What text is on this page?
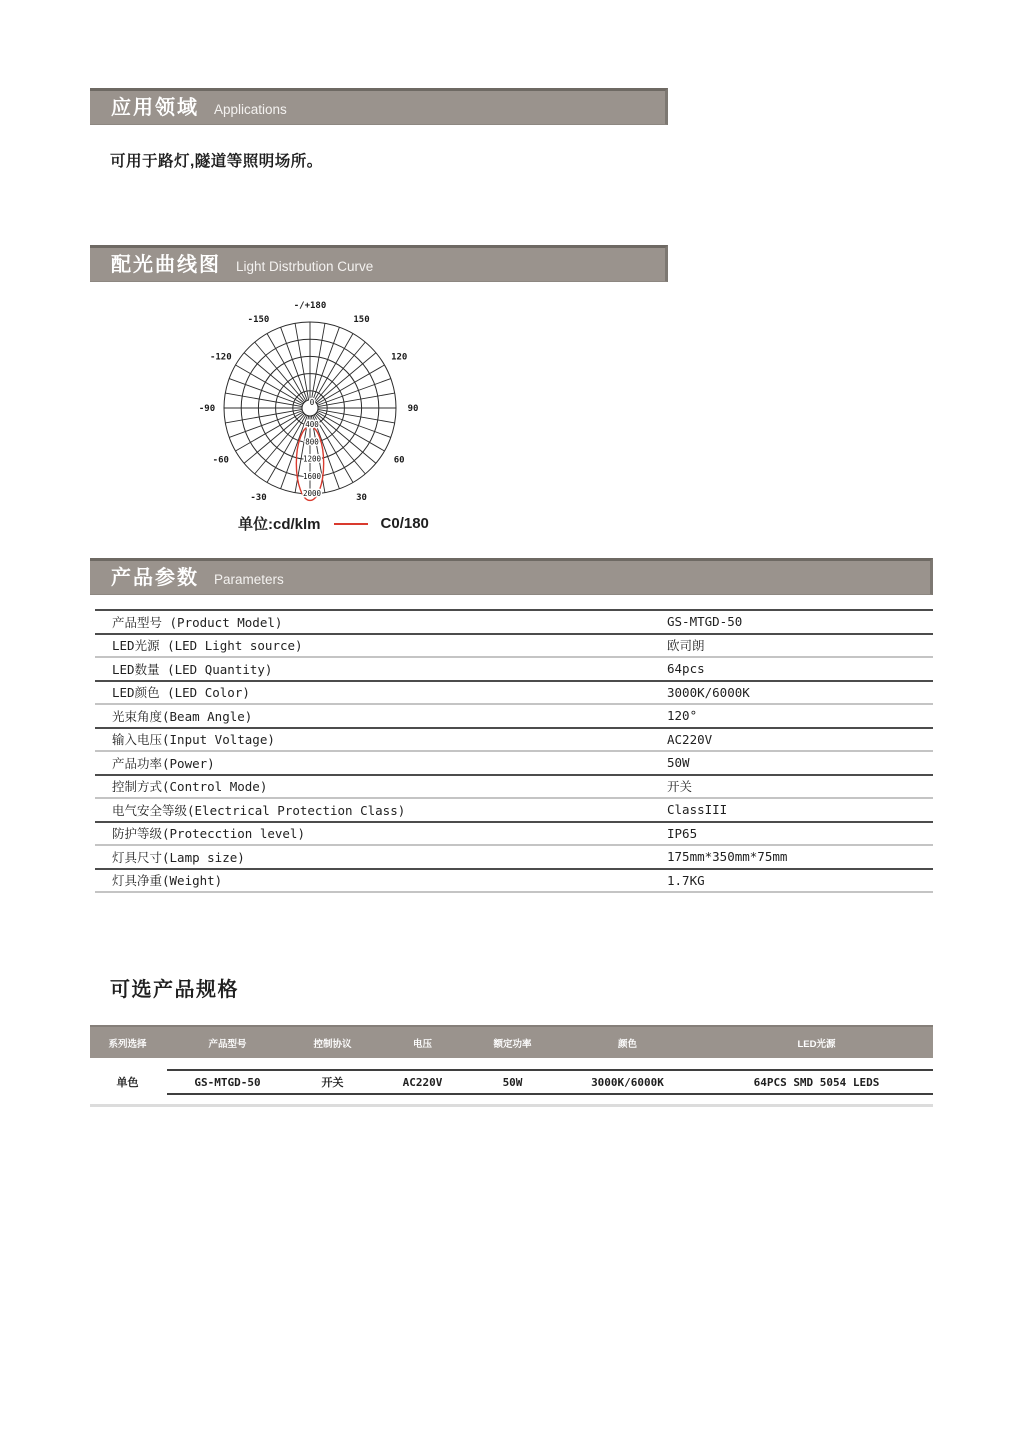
应用领域 Applications
可用于路灯,隧道等照明场所。
配光曲线图 Light Distrbution Curve
-/+180
150
120
90
60
30
-30
-60
-90
-120
-150
0
400
800
1200
1600
2000
单位:cd/klm	C0/180
产品参数 Parameters
产品型号 (Product Model)	GS-MTGD-50
LED光源 (LED Light source)	欧司朗
LED数量 (LED Quantity)	64pcs
LED颜色 (LED Color)	3000K/6000K
光束角度(Beam Angle)	120°
输入电压(Input Voltage)	AC220V
产品功率(Power)	50W
控制方式(Control Mode)	开关
电气安全等级(Electrical Protection Class)	ClassIII
防护等级(Protecction level)	IP65
灯具尺寸(Lamp size)	175mm*350mm*75mm
灯具净重(Weight)	1.7KG
可选产品规格
系列选择	产品型号	控制协议	电压	额定功率	颜色	LED光源
单色	GS-MTGD-50	开关	AC220V	50W	3000K/6000K	64PCS SMD 5054 LEDS
